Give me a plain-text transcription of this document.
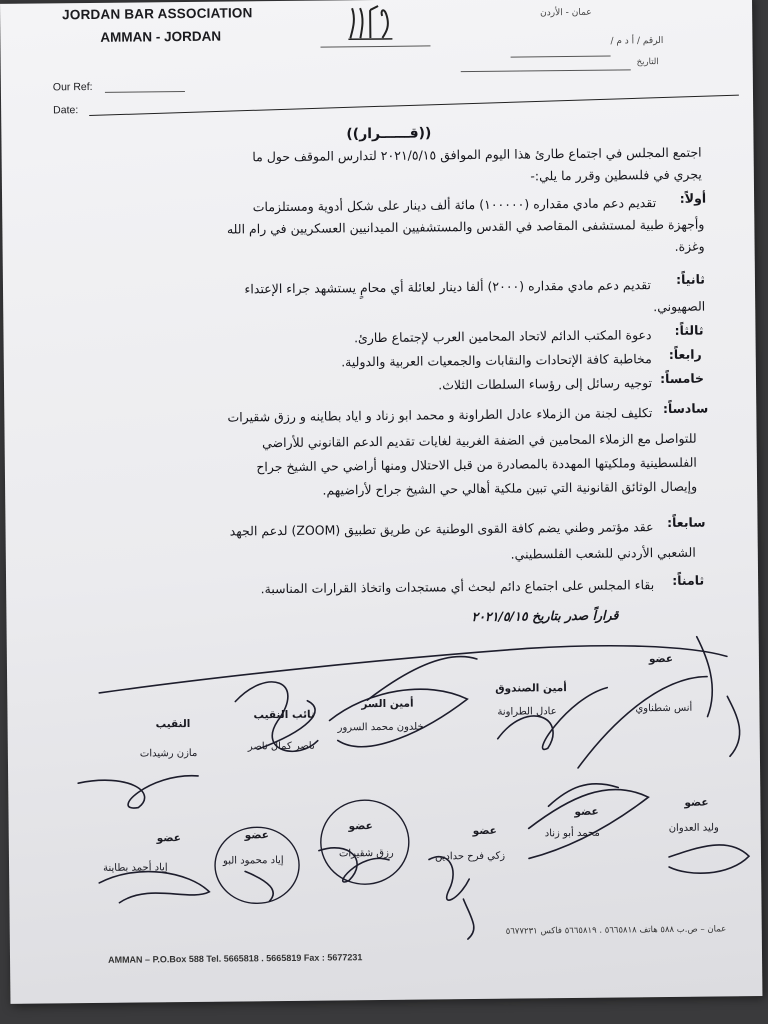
JORDAN BAR ASSOCIATION
AMMAN - JORDAN
عمان - الأردن
الرقم / أ د م /
التاريخ
Our Ref:
Date:
((قــــــرار))
اجتمع المجلس في اجتماع طارئ هذا اليوم الموافق ٢٠٢١/٥/١٥ لتدارس الموقف حول ما
يجري في فلسطين وقرر ما يلي:-
أولاً:
تقديم دعم مادي مقداره (١٠٠٠٠٠) مائة ألف دينار على شكل أدوية ومستلزمات
وأجهزة طبية لمستشفى المقاصد في القدس والمستشفيين الميدانيين العسكريين في رام الله
وغزة.
ثانياً:
تقديم دعم مادي مقداره (٢٠٠٠) ألفا دينار لعائلة أي محامٍ يستشهد جراء الإعتداء
الصهيوني.
ثالثاً:
دعوة المكتب الدائم لاتحاد المحامين العرب لإجتماع طارئ.
رابعاً:
مخاطبة كافة الإتحادات والنقابات والجمعيات العربية والدولية.
خامساً:
توجيه رسائل إلى رؤساء السلطات الثلاث.
سادساً:
تكليف لجنة من الزملاء عادل الطراونة و محمد ابو زناد و اياد بطاينه و رزق شقيرات
للتواصل مع الزملاء المحامين في الضفة الغربية لغايات تقديم الدعم القانوني للأراضي
الفلسطينية وملكيتها المهددة بالمصادرة من قبل الاحتلال ومنها أراضي حي الشيخ جراح
وإيصال الوثائق القانونية التي تبين ملكية أهالي حي الشيخ جراح لأراضيهم.
سابعاً:
عقد مؤتمر وطني يضم كافة القوى الوطنية عن طريق تطبيق (ZOOM) لدعم الجهد
الشعبي الأردني للشعب الفلسطيني.
ثامناً:
بقاء المجلس على اجتماع دائم لبحث أي مستجدات واتخاذ القرارات المناسبة.
قراراً صدر بتاريخ ٢٠٢١/٥/١٥
النقيب
مازن رشيدات
نائب النقيب
ناصر كمال ناصر
أمين السر
خلدون محمد السرور
أمين الصندوق
عادل الطراونة
عضو
أنس شطناوي
عضو
إياد أحمد بطاينة
عضو
إياد محمود البو
عضو
رزق شقيرات
عضو
زكي فرح حدادين
عضو
محمد أبو زناد
عضو
وليد العدوان
عمان – ص.ب ٥٨٨ هاتف ٥٦٦٥٨١٨ . ٥٦٦٥٨١٩ فاكس ٥٦٧٧٢٣١
AMMAN – P.O.Box 588 Tel. 5665818 . 5665819 Fax : 5677231
